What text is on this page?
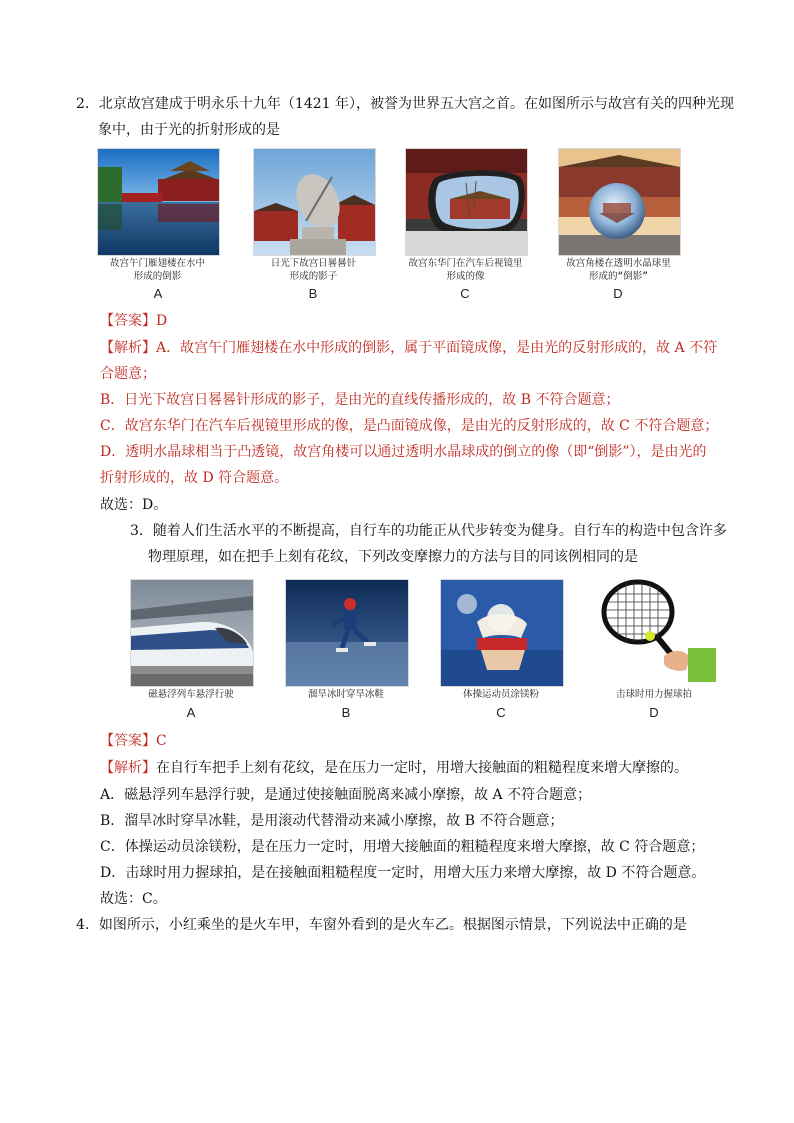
2．北京故宫建成于明永乐十九年（1421 年），被誉为世界五大宫之首。在如图所示与故宫有关的四种光现
象中，由于光的折射形成的是
故宫午门雁翅楼在水中
形成的倒影
A
日光下故宫日晷晷针
形成的影子
B
故宫东华门在汽车后视镜里
形成的像
C
故宫角楼在透明水晶球里
形成的“倒影”
D
【答案】D
【解析】A．故宫午门雁翅楼在水中形成的倒影，属于平面镜成像，是由光的反射形成的，故 A 不符
合题意；
B．日光下故宫日晷晷针形成的影子，是由光的直线传播形成的，故 B 不符合题意；
C．故宫东华门在汽车后视镜里形成的像，是凸面镜成像，是由光的反射形成的，故 C 不符合题意；
D．透明水晶球相当于凸透镜，故宫角楼可以通过透明水晶球成的倒立的像（即“倒影”），是由光的
折射形成的，故 D 符合题意。
故选：D。
3．随着人们生活水平的不断提高，自行车的功能正从代步转变为健身。自行车的构造中包含许多
物理原理，如在把手上刻有花纹，下列改变摩擦力的方法与目的同该例相同的是
磁悬浮列车悬浮行驶
A
溜旱冰时穿旱冰鞋
B
体操运动员涂镁粉
C
击球时用力握球拍
D
【答案】C
【解析】在自行车把手上刻有花纹，是在压力一定时，用增大接触面的粗糙程度来增大摩擦的。
A．磁悬浮列车悬浮行驶，是通过使接触面脱离来减小摩擦，故 A 不符合题意；
B．溜旱冰时穿旱冰鞋，是用滚动代替滑动来减小摩擦，故 B 不符合题意；
C．体操运动员涂镁粉，是在压力一定时，用增大接触面的粗糙程度来增大摩擦，故 C 符合题意；
D．击球时用力握球拍，是在接触面粗糙程度一定时，用增大压力来增大摩擦，故 D 不符合题意。
故选：C。
4．如图所示，小红乘坐的是火车甲，车窗外看到的是火车乙。根据图示情景，下列说法中正确的是
